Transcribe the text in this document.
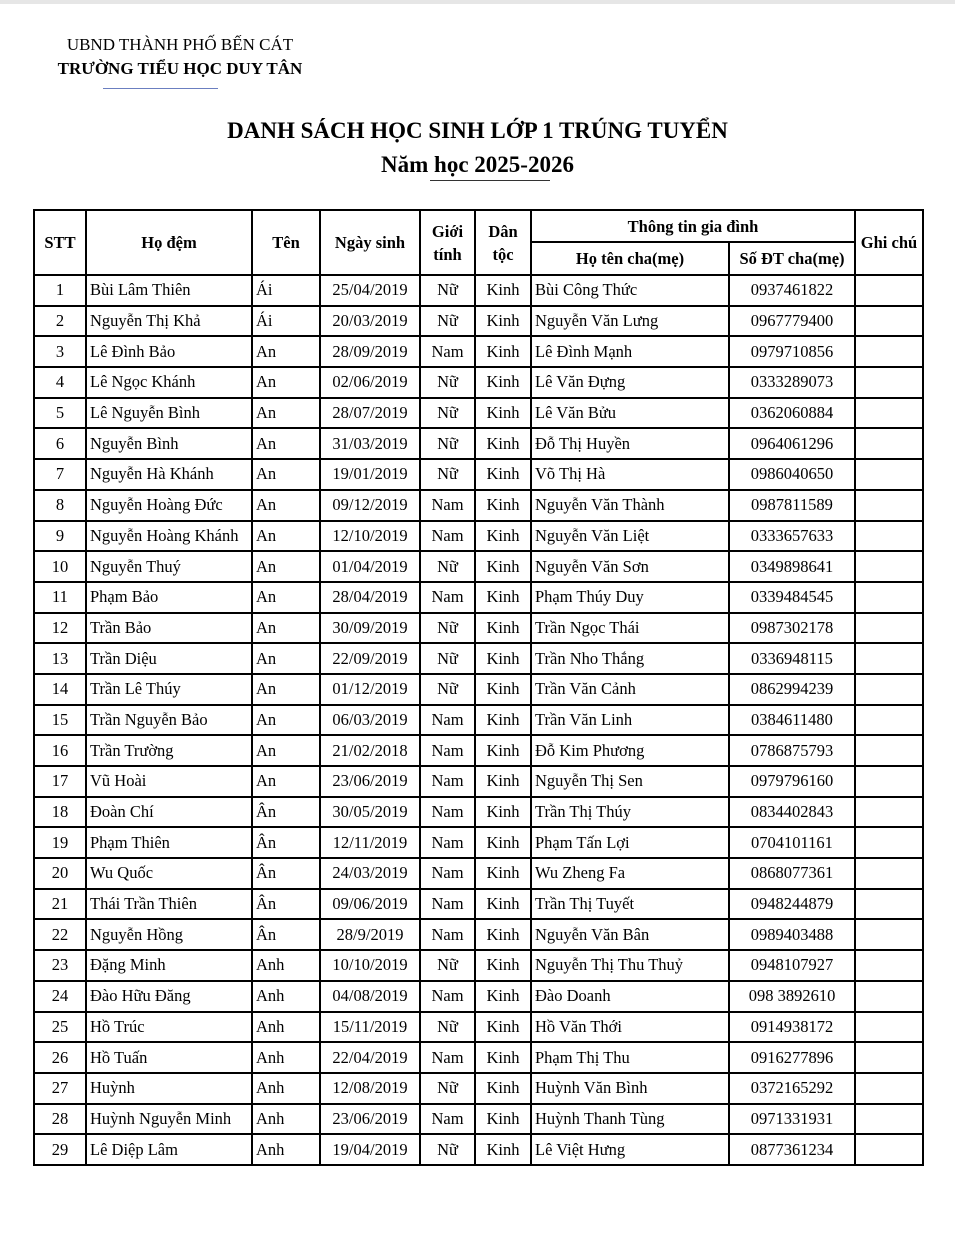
UBND THÀNH PHỐ BẾN CÁT
TRƯỜNG TIỂU HỌC DUY TÂN
DANH SÁCH HỌC SINH LỚP 1 TRÚNG TUYỂN
Năm học 2025-2026
STT	Họ đệm	Tên	Ngày sinh	Giới tính	Dân tộc	Thông tin gia đình		Ghi chú
						Họ tên cha(mẹ)	Số ĐT cha(mẹ)	
1	Bùi Lâm Thiên	Ái	25/04/2019	Nữ	Kinh	Bùi Công Thức	0937461822	
2	Nguyễn Thị Khả	Ái	20/03/2019	Nữ	Kinh	Nguyễn Văn Lưng	0967779400	
3	Lê Đình Bảo	An	28/09/2019	Nam	Kinh	Lê Đình Mạnh	0979710856	
4	Lê Ngọc Khánh	An	02/06/2019	Nữ	Kinh	Lê Văn Đựng	0333289073	
5	Lê Nguyễn Bình	An	28/07/2019	Nữ	Kinh	Lê Văn Bửu	0362060884	
6	Nguyễn Bình	An	31/03/2019	Nữ	Kinh	Đỗ Thị Huyền	0964061296	
7	Nguyễn Hà Khánh	An	19/01/2019	Nữ	Kinh	Võ Thị Hà	0986040650	
8	Nguyễn Hoàng Đức	An	09/12/2019	Nam	Kinh	Nguyễn Văn Thành	0987811589	
9	Nguyễn Hoàng Khánh	An	12/10/2019	Nam	Kinh	Nguyễn Văn Liệt	0333657633	
10	Nguyễn Thuý	An	01/04/2019	Nữ	Kinh	Nguyễn Văn Sơn	0349898641	
11	Phạm Bảo	An	28/04/2019	Nam	Kinh	Phạm Thúy Duy	0339484545	
12	Trần Bảo	An	30/09/2019	Nữ	Kinh	Trần Ngọc Thái	0987302178	
13	Trần Diệu	An	22/09/2019	Nữ	Kinh	Trần Nho Thắng	0336948115	
14	Trần Lê Thúy	An	01/12/2019	Nữ	Kinh	Trần Văn Cảnh	0862994239	
15	Trần Nguyễn Bảo	An	06/03/2019	Nam	Kinh	Trần Văn Linh	0384611480	
16	Trần Trường	An	21/02/2018	Nam	Kinh	Đỗ Kim Phương	0786875793	
17	Vũ Hoài	An	23/06/2019	Nam	Kinh	Nguyễn Thị Sen	0979796160	
18	Đoàn Chí	Ân	30/05/2019	Nam	Kinh	Trần Thị Thúy	0834402843	
19	Phạm Thiên	Ân	12/11/2019	Nam	Kinh	Phạm Tấn Lợi	0704101161	
20	Wu Quốc	Ân	24/03/2019	Nam	Kinh	Wu Zheng Fa	0868077361	
21	Thái Trần Thiên	Ân	09/06/2019	Nam	Kinh	Trần Thị Tuyết	0948244879	
22	Nguyễn Hồng	Ân	28/9/2019	Nam	Kinh	Nguyễn Văn Bân	0989403488	
23	Đặng Minh	Anh	10/10/2019	Nữ	Kinh	Nguyễn Thị Thu Thuỷ	0948107927	
24	Đào Hữu Đăng	Anh	04/08/2019	Nam	Kinh	Đào Doanh	098 3892610	
25	Hồ Trúc	Anh	15/11/2019	Nữ	Kinh	Hồ Văn Thới	0914938172	
26	Hồ Tuấn	Anh	22/04/2019	Nam	Kinh	Phạm Thị Thu	0916277896	
27	Huỳnh	Anh	12/08/2019	Nữ	Kinh	Huỳnh Văn Bình	0372165292	
28	Huỳnh Nguyễn Minh	Anh	23/06/2019	Nam	Kinh	Huỳnh Thanh Tùng	0971331931	
29	Lê Diệp Lâm	Anh	19/04/2019	Nữ	Kinh	Lê Việt Hưng	0877361234	
